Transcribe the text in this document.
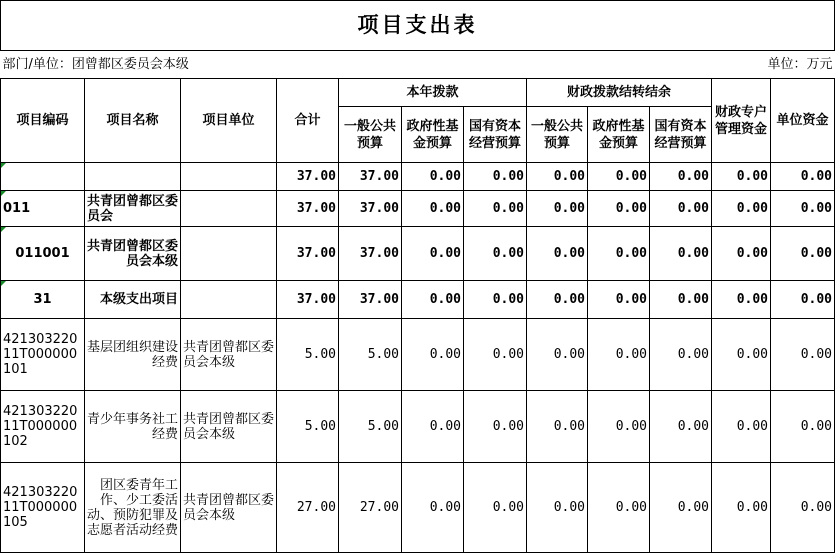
项目支出表											
部门/单位：团曾都区委员会本级				单位：万元							
项目编码	项目名称	项目单位	合计	本年拨款			财政拨款结转结余			财政专户管理资金	单位资金
				一般公共预算	政府性基金预算	国有资本经营预算	一般公共预算	政府性基金预算	国有资本经营预算		
			37.00	37.00	0.00	0.00	0.00	0.00	0.00	0.00	0.00
011	共青团曾都区委员会		37.00	37.00	0.00	0.00	0.00	0.00	0.00	0.00	0.00
011001	共青团曾都区委员会本级		37.00	37.00	0.00	0.00	0.00	0.00	0.00	0.00	0.00
31	本级支出项目		37.00	37.00	0.00	0.00	0.00	0.00	0.00	0.00	0.00
42130322011T000000101	基层团组织建设经费	共青团曾都区委员会本级	5.00	5.00	0.00	0.00	0.00	0.00	0.00	0.00	0.00
42130322011T000000102	青少年事务社工经费	共青团曾都区委员会本级	5.00	5.00	0.00	0.00	0.00	0.00	0.00	0.00	0.00
42130322011T000000105	团区委青年工作、少工委活动、预防犯罪及志愿者活动经费	共青团曾都区委员会本级	27.00	27.00	0.00	0.00	0.00	0.00	0.00	0.00	0.00
